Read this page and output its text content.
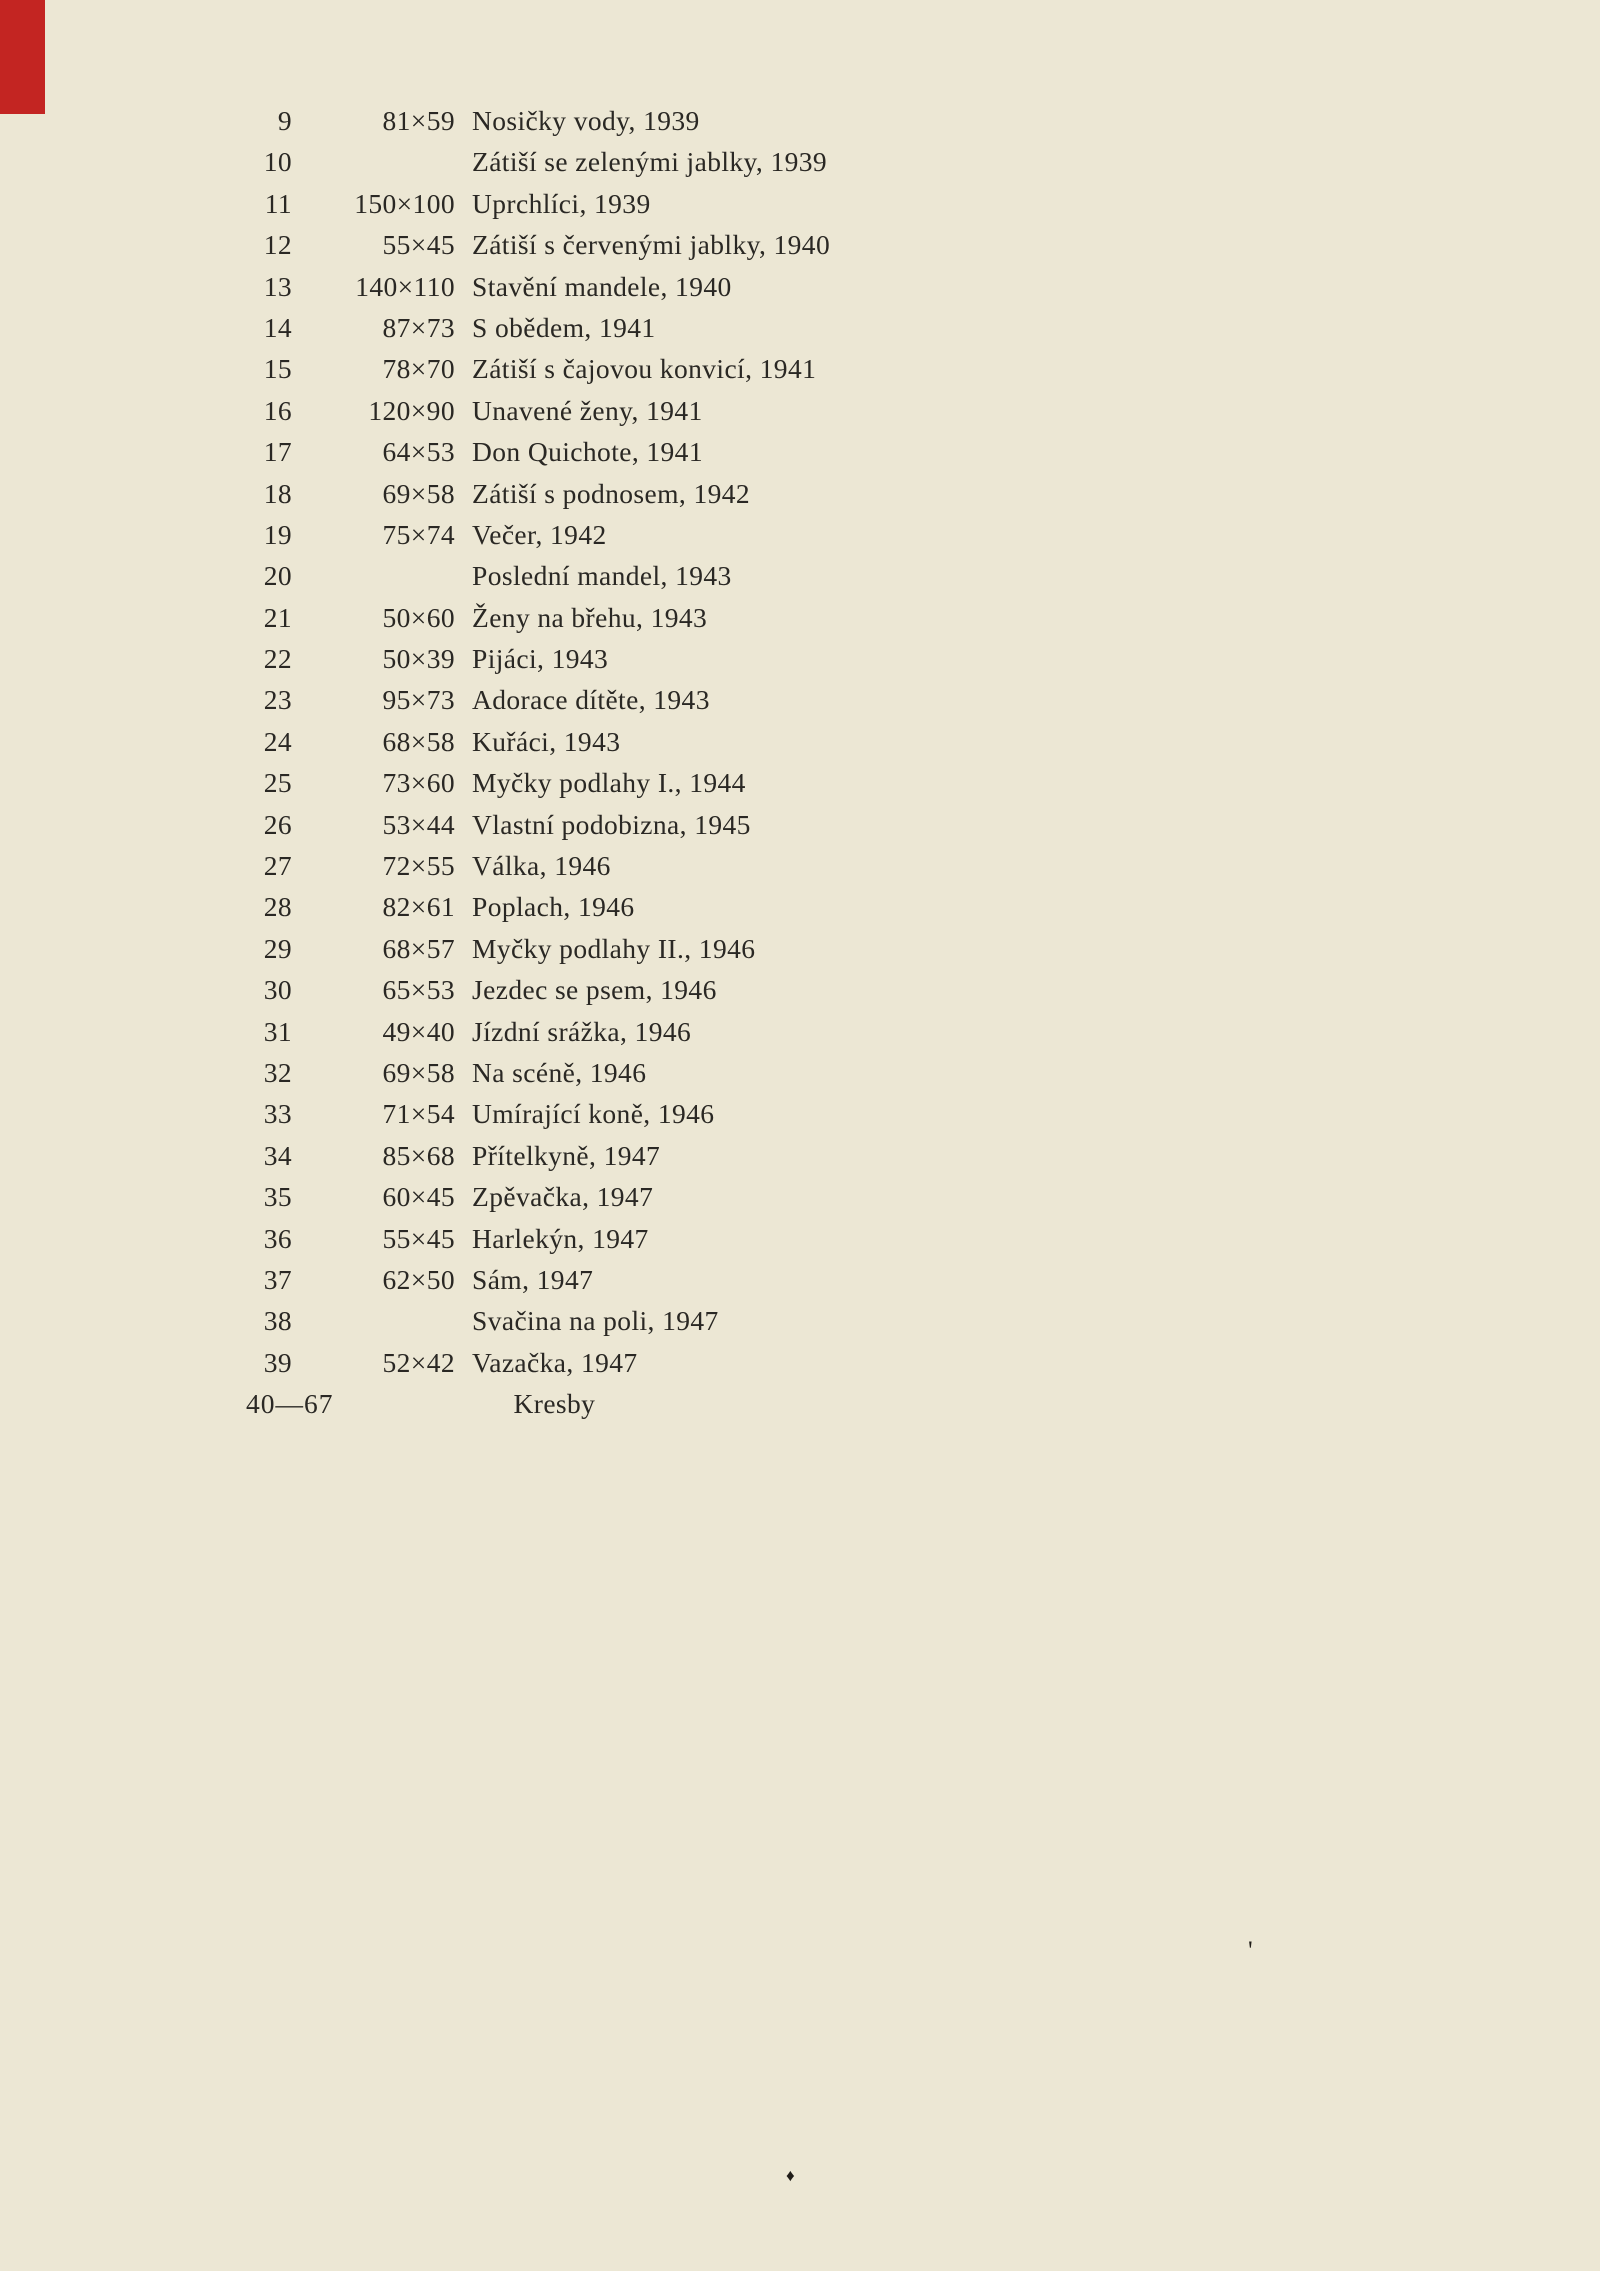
9	81×59 Nosičky vody, 1939
10	Zátiší se zelenými jablky, 1939
11	150×100 Uprchlíci, 1939
12	55×45 Zátiší s červenými jablky, 1940
13	140×110 Stavění mandele, 1940
14	87×73 S obědem, 1941
15	78×70 Zátiší s čajovou konvicí, 1941
16	120×90 Unavené ženy, 1941
17	64×53 Don Quichote, 1941
18	69×58 Zátiší s podnosem, 1942
19	75×74 Večer, 1942
20	Poslední mandel, 1943
21	50×60 Ženy na břehu, 1943
22	50×39 Pijáci, 1943
23	95×73 Adorace dítěte, 1943
24	68×58 Kuřáci, 1943
25	73×60 Myčky podlahy I., 1944
26	53×44 Vlastní podobizna, 1945
27	72×55 Válka, 1946
28	82×61 Poplach, 1946
29	68×57 Myčky podlahy II., 1946
30	65×53 Jezdec se psem, 1946
31	49×40 Jízdní srážka, 1946
32	69×58 Na scéně, 1946
33	71×54 Umírající koně, 1946
34	85×68 Přítelkyně, 1947
35	60×45 Zpěvačka, 1947
36	55×45 Harlekýn, 1947
37	62×50 Sám, 1947
38	Svačina na poli, 1947
39	52×42 Vazačka, 1947
40—67	Kresby
'
♦
